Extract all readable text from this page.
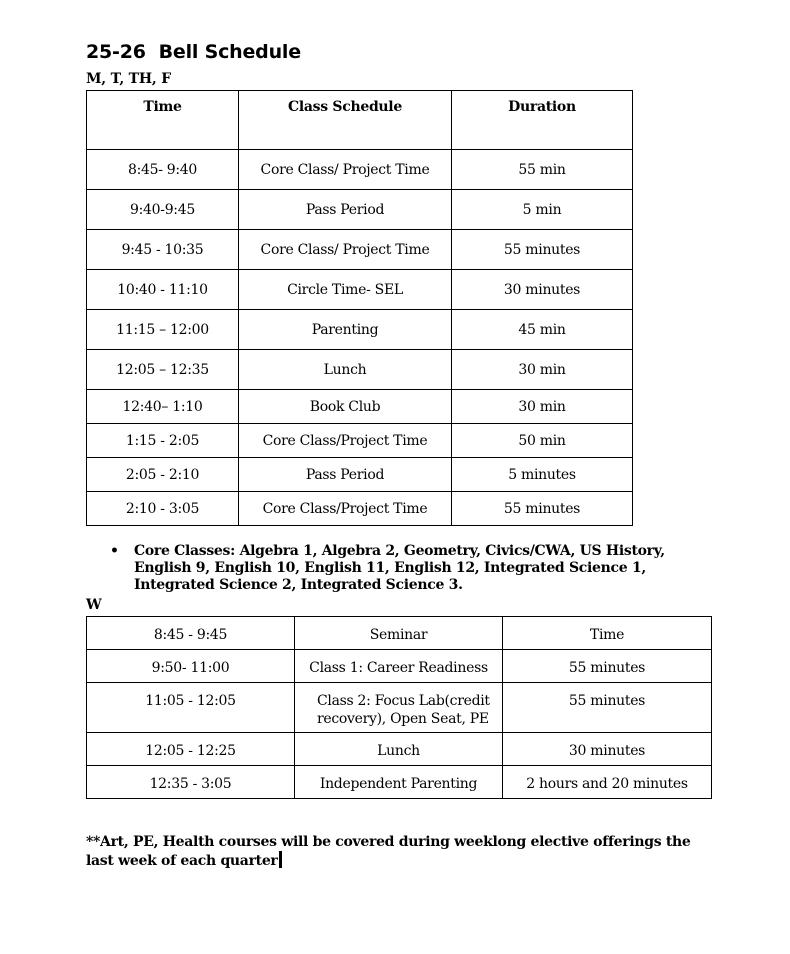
25-26  Bell Schedule
M, T, TH, F
Time	Class Schedule	Duration
8:45- 9:40	Core Class/ Project Time	55 min
9:40-9:45	Pass Period	5 min
9:45 - 10:35	Core Class/ Project Time	55 minutes
10:40 - 11:10	Circle Time- SEL	30 minutes
11:15 – 12:00	Parenting	45 min
12:05 – 12:35	Lunch	30 min
12:40– 1:10	Book Club	30 min
1:15 - 2:05	Core Class/Project Time	50 min
2:05 - 2:10	Pass Period	5 minutes
2:10 - 3:05	Core Class/Project Time	55 minutes
• Core Classes: Algebra 1, Algebra 2, Geometry, Civics/CWA, US History, English 9, English 10, English 11, English 12, Integrated Science 1, Integrated Science 2, Integrated Science 3.
W
8:45 - 9:45	Seminar	Time
9:50- 11:00	Class 1: Career Readiness	55 minutes
11:05 - 12:05	Class 2: Focus Lab(credit recovery), Open Seat, PE	55 minutes
12:05 - 12:25	Lunch	30 minutes
12:35 - 3:05	Independent Parenting	2 hours and 20 minutes
**Art, PE, Health courses will be covered during weeklong elective offerings the last week of each quarter
